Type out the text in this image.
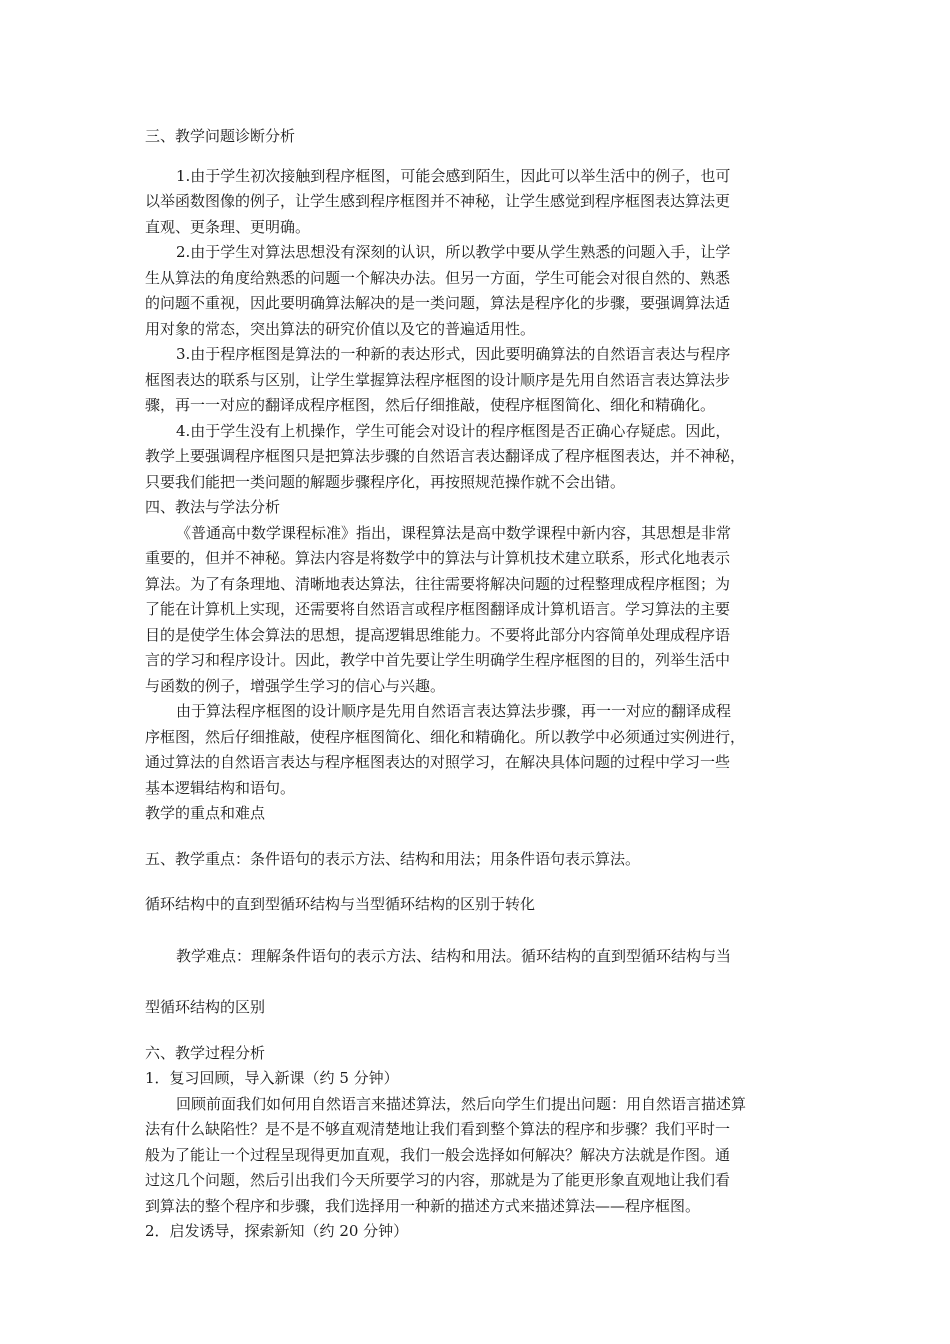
三、教学问题诊断分析

1.由于学生初次接触到程序框图，可能会感到陌生，因此可以举生活中的例子，也可

以举函数图像的例子，让学生感到程序框图并不神秘，让学生感觉到程序框图表达算法更

直观、更条理、更明确。

2.由于学生对算法思想没有深刻的认识，所以教学中要从学生熟悉的问题入手，让学

生从算法的角度给熟悉的问题一个解决办法。但另一方面，学生可能会对很自然的、熟悉

的问题不重视，因此要明确算法解决的是一类问题，算法是程序化的步骤，要强调算法适

用对象的常态，突出算法的研究价值以及它的普遍适用性。

3.由于程序框图是算法的一种新的表达形式，因此要明确算法的自然语言表达与程序

框图表达的联系与区别，让学生掌握算法程序框图的设计顺序是先用自然语言表达算法步

骤，再一一对应的翻译成程序框图，然后仔细推敲，使程序框图简化、细化和精确化。

4.由于学生没有上机操作，学生可能会对设计的程序框图是否正确心存疑虑。因此，

教学上要强调程序框图只是把算法步骤的自然语言表达翻译成了程序框图表达，并不神秘，

只要我们能把一类问题的解题步骤程序化，再按照规范操作就不会出错。

四、教法与学法分析

《普通高中数学课程标准》指出，课程算法是高中数学课程中新内容，其思想是非常

重要的，但并不神秘。算法内容是将数学中的算法与计算机技术建立联系，形式化地表示

算法。为了有条理地、清晰地表达算法，往往需要将解决问题的过程整理成程序框图；为

了能在计算机上实现，还需要将自然语言或程序框图翻译成计算机语言。学习算法的主要

目的是使学生体会算法的思想，提高逻辑思维能力。不要将此部分内容简单处理成程序语

言的学习和程序设计。因此，教学中首先要让学生明确学生程序框图的目的，列举生活中

与函数的例子，增强学生学习的信心与兴趣。

由于算法程序框图的设计顺序是先用自然语言表达算法步骤，再一一对应的翻译成程

序框图，然后仔细推敲，使程序框图简化、细化和精确化。所以教学中必须通过实例进行，

通过算法的自然语言表达与程序框图表达的对照学习，在解决具体问题的过程中学习一些

基本逻辑结构和语句。

教学的重点和难点

五、教学重点：条件语句的表示方法、结构和用法；用条件语句表示算法。

循环结构中的直到型循环结构与当型循环结构的区别于转化

教学难点：理解条件语句的表示方法、结构和用法。循环结构的直到型循环结构与当

型循环结构的区别

六、教学过程分析

1．复习回顾，导入新课（约 5 分钟）

回顾前面我们如何用自然语言来描述算法，然后向学生们提出问题：用自然语言描述算

法有什么缺陷性？是不是不够直观清楚地让我们看到整个算法的程序和步骤？我们平时一

般为了能让一个过程呈现得更加直观，我们一般会选择如何解决？解决方法就是作图。通

过这几个问题，然后引出我们今天所要学习的内容，那就是为了能更形象直观地让我们看

到算法的整个程序和步骤，我们选择用一种新的描述方式来描述算法——程序框图。

2．启发诱导，探索新知（约 20 分钟）
